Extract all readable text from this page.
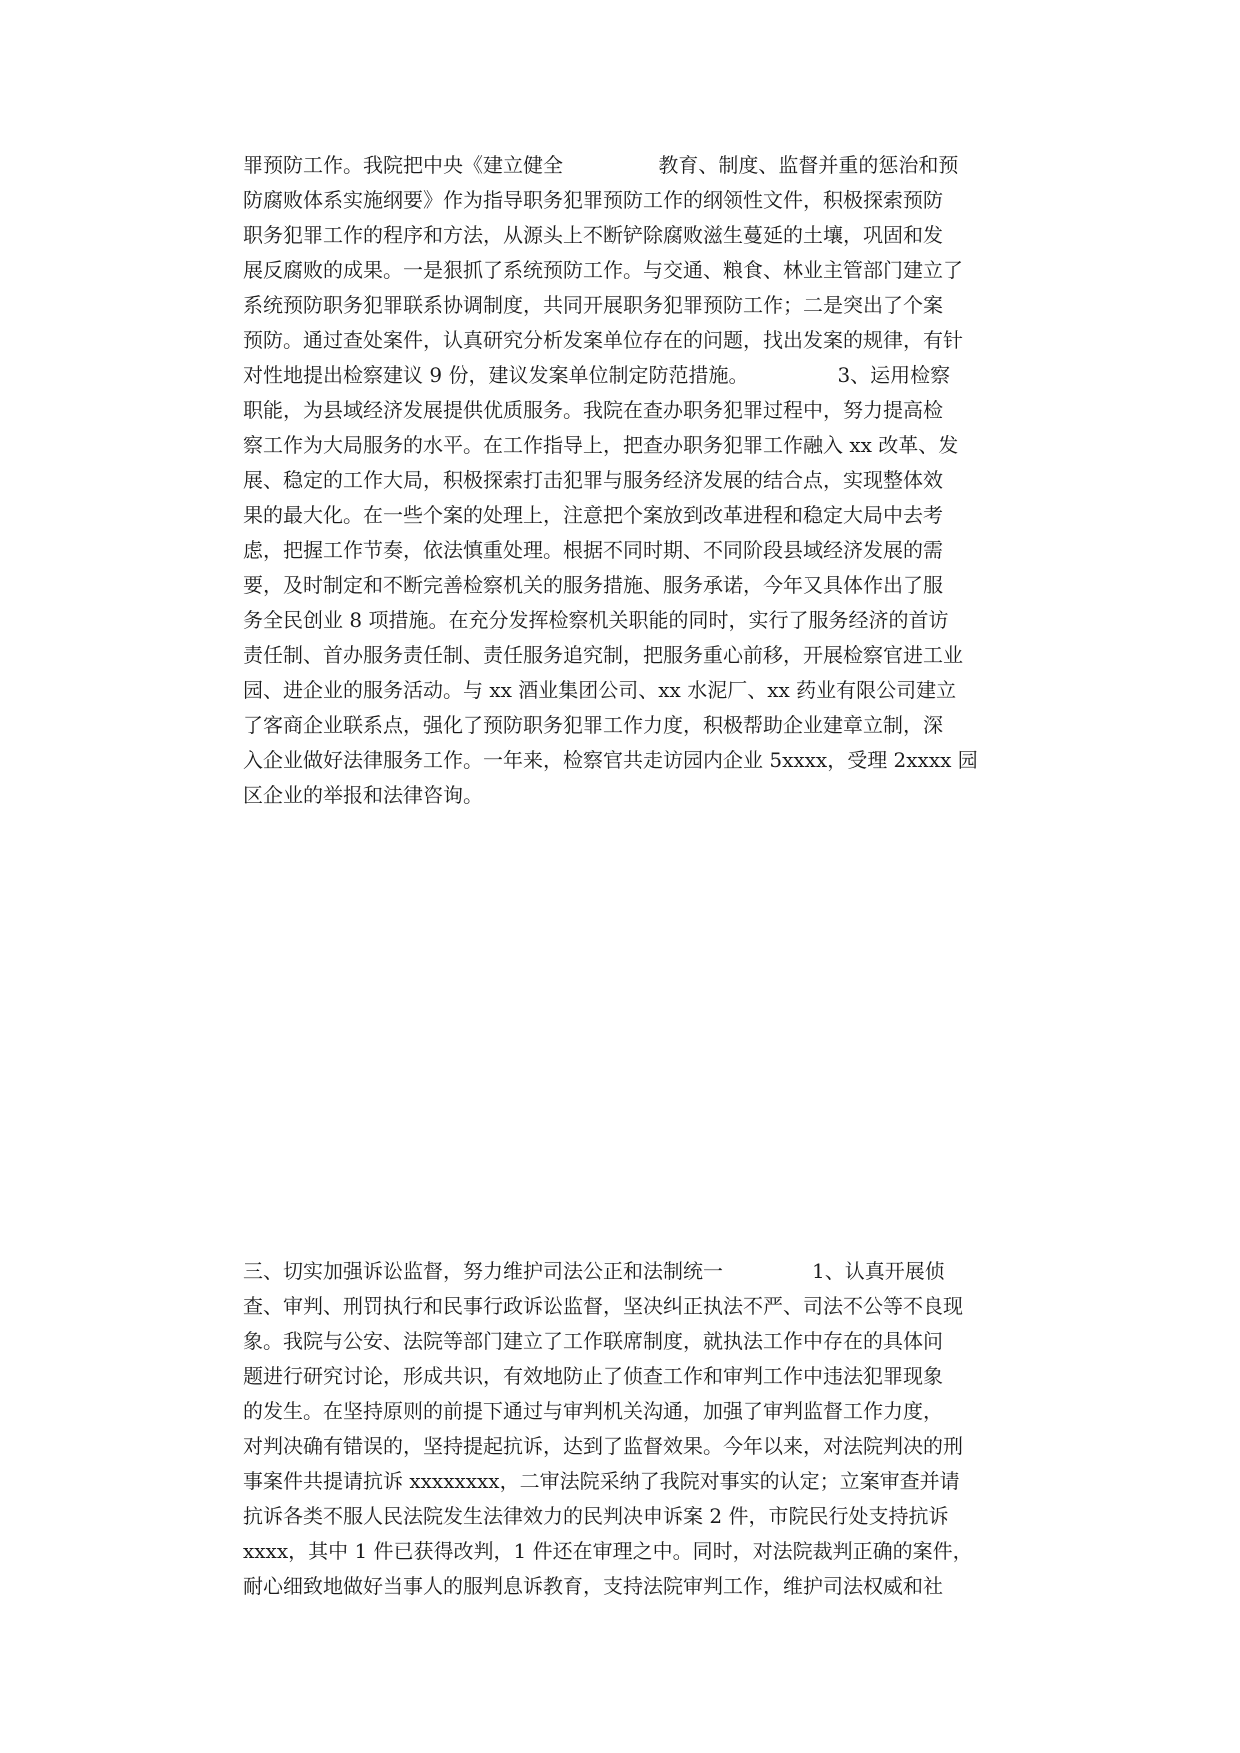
罪预防工作。我院把中央《建立健全               教育、制度、监督并重的惩治和预
防腐败体系实施纲要》作为指导职务犯罪预防工作的纲领性文件，积极探索预防
职务犯罪工作的程序和方法，从源头上不断铲除腐败滋生蔓延的土壤，巩固和发
展反腐败的成果。一是狠抓了系统预防工作。与交通、粮食、林业主管部门建立了
系统预防职务犯罪联系协调制度，共同开展职务犯罪预防工作；二是突出了个案
预防。通过查处案件，认真研究分析发案单位存在的问题，找出发案的规律，有针
对性地提出检察建议 9 份，建议发案单位制定防范措施。              3、运用检察
职能，为县域经济发展提供优质服务。我院在查办职务犯罪过程中，努力提高检
察工作为大局服务的水平。在工作指导上，把查办职务犯罪工作融入 xx 改革、发
展、稳定的工作大局，积极探索打击犯罪与服务经济发展的结合点，实现整体效
果的最大化。在一些个案的处理上，注意把个案放到改革进程和稳定大局中去考
虑，把握工作节奏，依法慎重处理。根据不同时期、不同阶段县域经济发展的需
要，及时制定和不断完善检察机关的服务措施、服务承诺，今年又具体作出了服
务全民创业 8 项措施。在充分发挥检察机关职能的同时，实行了服务经济的首访
责任制、首办服务责任制、责任服务追究制，把服务重心前移，开展检察官进工业
园、进企业的服务活动。与 xx 酒业集团公司、xx 水泥厂、xx 药业有限公司建立
了客商企业联系点，强化了预防职务犯罪工作力度，积极帮助企业建章立制，深
入企业做好法律服务工作。一年来，检察官共走访园内企业 5xxxx，受理 2xxxx 园
区企业的举报和法律咨询。
三、切实加强诉讼监督，努力维护司法公正和法制统一              1、认真开展侦
查、审判、刑罚执行和民事行政诉讼监督，坚决纠正执法不严、司法不公等不良现
象。我院与公安、法院等部门建立了工作联席制度，就执法工作中存在的具体问
题进行研究讨论，形成共识，有效地防止了侦查工作和审判工作中违法犯罪现象
的发生。在坚持原则的前提下通过与审判机关沟通，加强了审判监督工作力度，
对判决确有错误的，坚持提起抗诉，达到了监督效果。今年以来，对法院判决的刑
事案件共提请抗诉 xxxxxxxx，二审法院采纳了我院对事实的认定；立案审查并请
抗诉各类不服人民法院发生法律效力的民判决申诉案 2 件，市院民行处支持抗诉
xxxx，其中 1 件已获得改判，1 件还在审理之中。同时，对法院裁判正确的案件，
耐心细致地做好当事人的服判息诉教育，支持法院审判工作，维护司法权威和社
